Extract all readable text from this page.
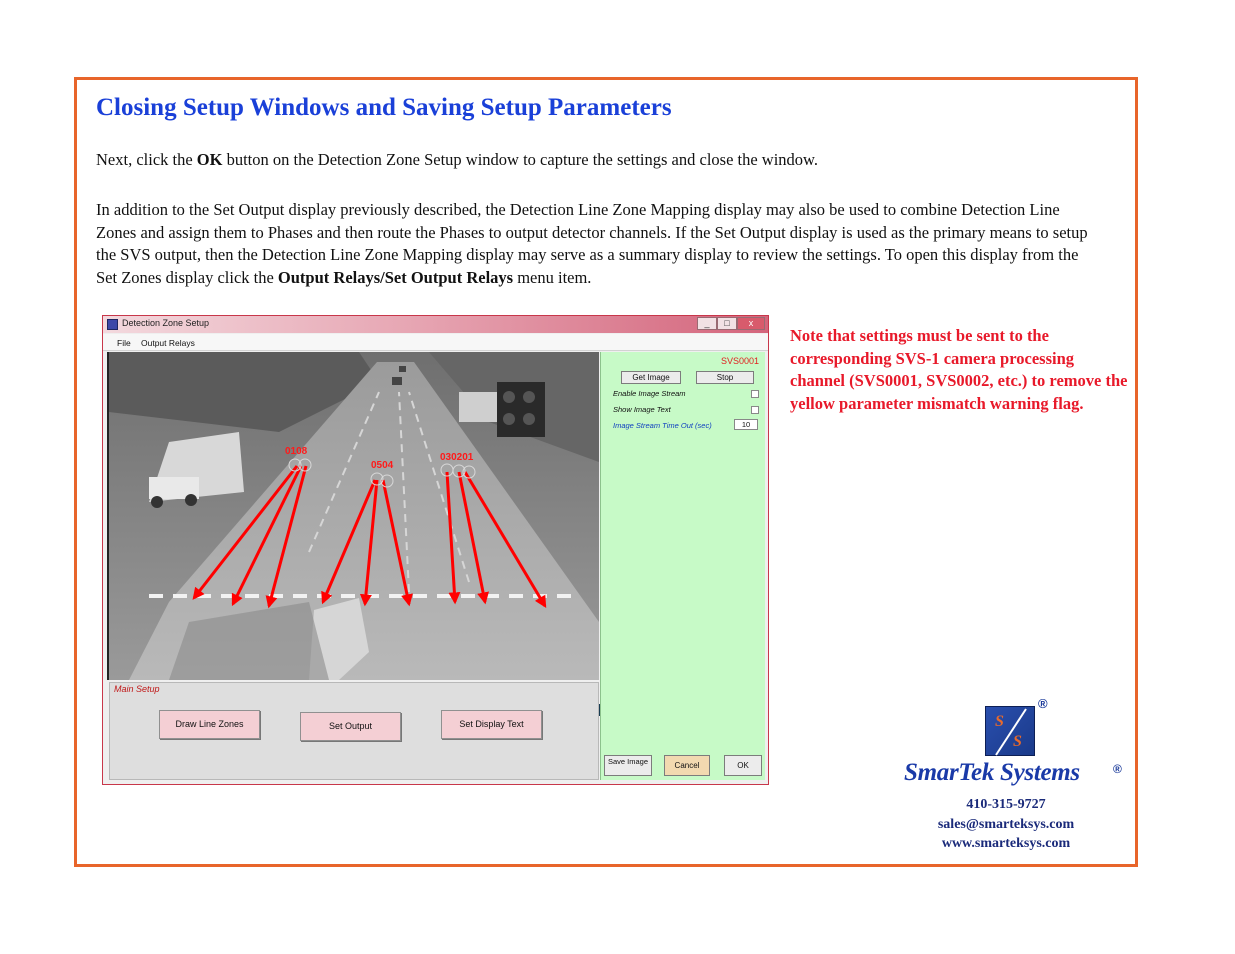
Closing Setup Windows and Saving Setup Parameters

Next, click the OK button on the Detection Zone Setup window to capture the settings and close the window.

In addition to the Set Output display previously described, the Detection Line Zone Mapping display may also be used to combine Detection Line Zones and assign them to Phases and then route the Phases to output detector channels. If the Set Output display is used as the primary means to setup the SVS output, then the Detection Line Zone Mapping display may serve as a summary display to review the settings. To open this display from the Set Zones display click the Output Relays/Set Output Relays menu item.

Note that settings must be sent to the corresponding SVS-1 camera processing channel (SVS0001, SVS0002, etc.) to remove the yellow parameter mismatch warning flag.

Detection Zone Setup	_	□	x
File Output Relays
0108
0504
030201
SVS0001
Get Image	Stop
Enable Image Stream
Show Image Text
Image Stream Time Out (sec)	10
Save Image	Cancel	OK
Main Setup
Draw Line Zones	Set Output	Set Display Text	S
S
®
SmarTek Systems	®
410-315-9727
sales@smarteksys.com
www.smarteksys.com
